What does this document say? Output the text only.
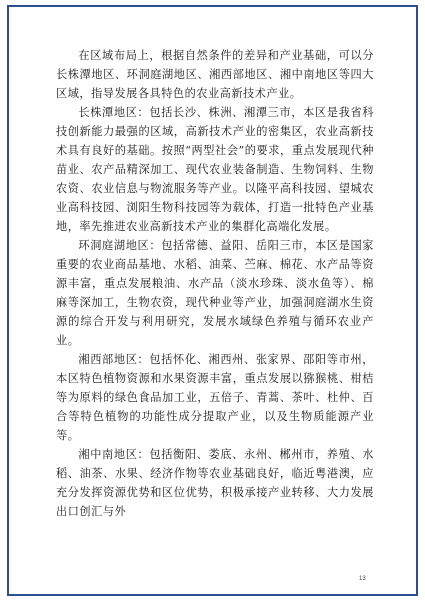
在区域布局上，根据自然条件的差异和产业基础，可以分长株潭地区、环洞庭湖地区、湘西部地区、湘中南地区等四大区域，指导发展各具特色的农业高新技术产业。

长株潭地区：包括长沙、株洲、湘潭三市，本区是我省科技创新能力最强的区域，高新技术产业的密集区，农业高新技术具有良好的基础。按照“两型社会”的要求，重点发展现代种苗业、农产品精深加工、现代农业装备制造、生物饲料、生物农资、农业信息与物流服务等产业。以隆平高科技园、望城农业高科技园、浏阳生物科技园等为载体，打造一批特色产业基地，率先推进农业高新技术产业的集群化高端化发展。

环洞庭湖地区：包括常德、益阳、岳阳三市，本区是国家重要的农业商品基地、水稻、油菜、苎麻、棉花、水产品等资源丰富，重点发展粮油、水产品（淡水珍珠、淡水鱼等）、棉麻等深加工，生物农资，现代种业等产业，加强洞庭湖水生资源的综合开发与利用研究，发展水域绿色养殖与循环农业产业。

湘西部地区：包括怀化、湘西州、张家界、邵阳等市州，本区特色植物资源和水果资源丰富，重点发展以猕猴桃、柑桔等为原料的绿色食品加工业，五倍子、青蒿、茶叶、杜仲、百合等特色植物的功能性成分提取产业，以及生物质能源产业等。

湘中南地区：包括衡阳、娄底、永州、郴州市，养殖、水稻、油茶、水果、经济作物等农业基础良好，临近粤港澳，应充分发挥资源优势和区位优势，积极承接产业转移、大力发展出口创汇与外

13
